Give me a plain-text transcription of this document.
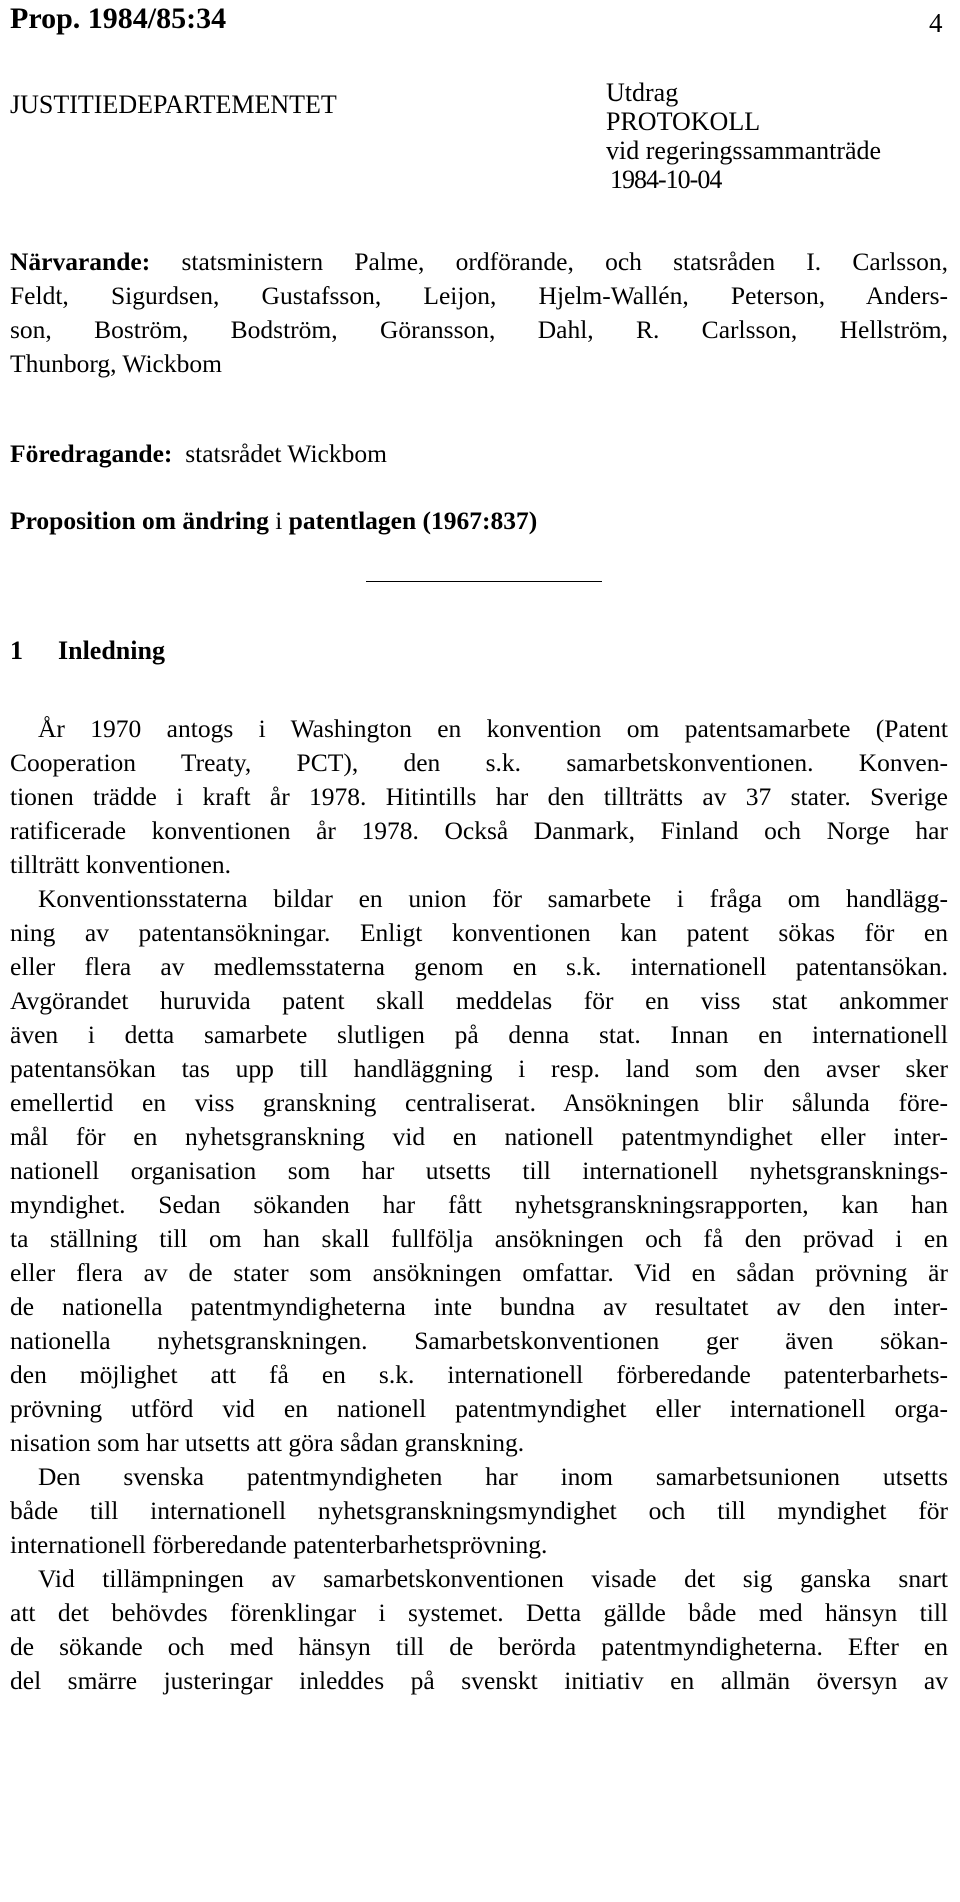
Prop. 1984/85:34	4
JUSTITIEDEPARTEMENTET	Utdrag
PROTOKOLL
vid regeringssammanträde
1984-10-04
Närvarande: statsministern Palme, ordförande, och statsråden I. Carlsson,
Feldt, Sigurdsen, Gustafsson, Leijon, Hjelm-Wallén, Peterson, Anders-
son, Boström, Bodström, Göransson, Dahl, R. Carlsson, Hellström,
Thunborg, Wickbom
Föredragande: statsrådet Wickbom
Proposition om ändring i patentlagen (1967:837)
1 Inledning
År 1970 antogs i Washington en konvention om patentsamarbete (Patent
Cooperation Treaty, PCT), den s.k. samarbetskonventionen. Konven-
tionen trädde i kraft år 1978. Hitintills har den tillträtts av 37 stater. Sverige
ratificerade konventionen år 1978. Också Danmark, Finland och Norge har
tillträtt konventionen.
Konventionsstaterna bildar en union för samarbete i fråga om handlägg-
ning av patentansökningar. Enligt konventionen kan patent sökas för en
eller flera av medlemsstaterna genom en s.k. internationell patentansökan.
Avgörandet huruvida patent skall meddelas för en viss stat ankommer
även i detta samarbete slutligen på denna stat. Innan en internationell
patentansökan tas upp till handläggning i resp. land som den avser sker
emellertid en viss granskning centraliserat. Ansökningen blir sålunda före-
mål för en nyhetsgranskning vid en nationell patentmyndighet eller inter-
nationell organisation som har utsetts till internationell nyhetsgransknings-
myndighet. Sedan sökanden har fått nyhetsgranskningsrapporten, kan han
ta ställning till om han skall fullfölja ansökningen och få den prövad i en
eller flera av de stater som ansökningen omfattar. Vid en sådan prövning är
de nationella patentmyndigheterna inte bundna av resultatet av den inter-
nationella nyhetsgranskningen. Samarbetskonventionen ger även sökan-
den möjlighet att få en s.k. internationell förberedande patenterbarhets-
prövning utförd vid en nationell patentmyndighet eller internationell orga-
nisation som har utsetts att göra sådan granskning.
Den svenska patentmyndigheten har inom samarbetsunionen utsetts
både till internationell nyhetsgranskningsmyndighet och till myndighet för
internationell förberedande patenterbarhetsprövning.
Vid tillämpningen av samarbetskonventionen visade det sig ganska snart
att det behövdes förenklingar i systemet. Detta gällde både med hänsyn till
de sökande och med hänsyn till de berörda patentmyndigheterna. Efter en
del smärre justeringar inleddes på svenskt initiativ en allmän översyn av
